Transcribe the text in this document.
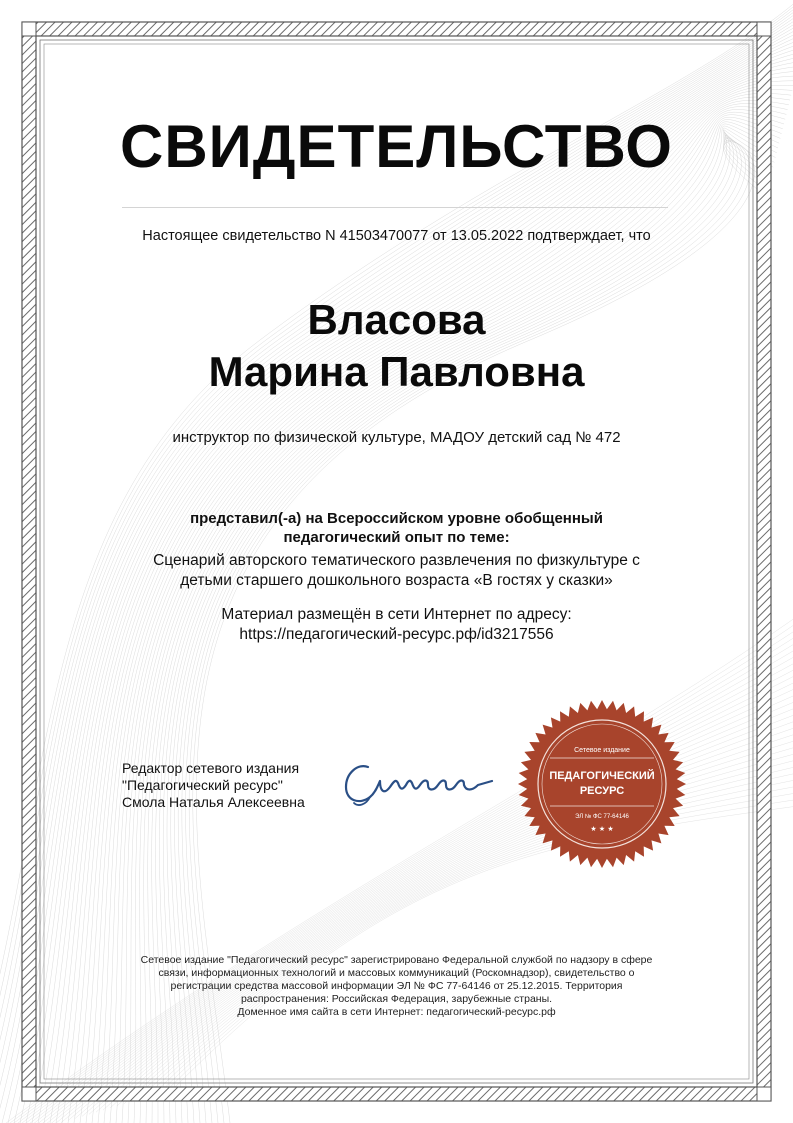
СВИДЕТЕЛЬСТВО
Настоящее свидетельство N 41503470077 от 13.05.2022 подтверждает, что
Власова
Марина Павловна
инструктор по физической культуре, МАДОУ детский сад № 472
представил(-а) на Всероссийском уровне обобщенный
педагогический опыт по теме:
Сценарий авторского тематического развлечения по физкультуре с
детьми старшего дошкольного возраста «В гостях у сказки»
Материал размещён в сети Интернет по адресу:
https://педагогический-ресурс.рф/id3217556
Редактор сетевого издания
"Педагогический ресурс"
Смола Наталья Алексеевна
Сетевое издание
ПЕДАГОГИЧЕСКИЙ
РЕСУРС
ЭЛ № ФС 77-64146
★ ★ ★
Сетевое издание "Педагогический ресурс" зарегистрировано Федеральной службой по надзору в сфере
связи, информационных технологий и массовых коммуникаций (Роскомнадзор), свидетельство о
регистрации средства массовой информации ЭЛ № ФС 77-64146 от 25.12.2015. Территория
распространения: Российская Федерация, зарубежные страны.
Доменное имя сайта в сети Интернет: педагогический-ресурс.рф
